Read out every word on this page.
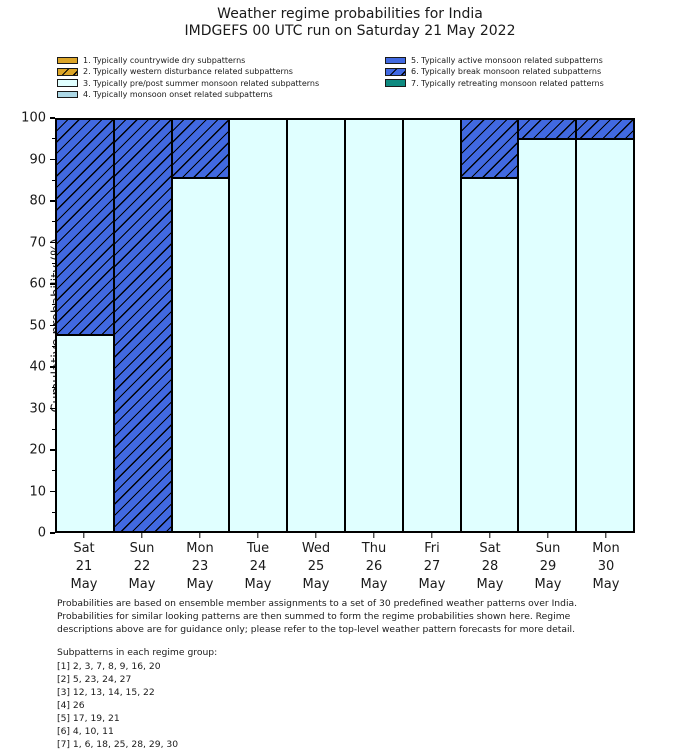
Weather regime probabilities for India
IMDGEFS 00 UTC run on Saturday 21 May 2022
1. Typically countrywide dry subpatterns
2. Typically western disturbance related subpatterns
3. Typically pre/post summer monsoon related subpatterns
4. Typically monsoon onset related subpatterns
5. Typically active monsoon related subpatterns
6. Typically break monsoon related subpatterns
7. Typically retreating monsoon related patterns
0
10
20
30
40
50
60
70
80
90
100
Sat
21
May
Sun
22
May
Mon
23
May
Tue
24
May
Wed
25
May
Thu
26
May
Fri
27
May
Sat
28
May
Sun
29
May
Mon
30
May
Probabilities are based on ensemble member assignments to a set of 30 predefined weather patterns over India.
Probabilities for similar looking patterns are then summed to form the regime probabilities shown here. Regime
descriptions above are for guidance only; please refer to the top-level weather pattern forecasts for more detail.
Subpatterns in each regime group:
[1] 2, 3, 7, 8, 9, 16, 20
[2] 5, 23, 24, 27
[3] 12, 13, 14, 15, 22
[4] 26
[5] 17, 19, 21
[6] 4, 10, 11
[7] 1, 6, 18, 25, 28, 29, 30
